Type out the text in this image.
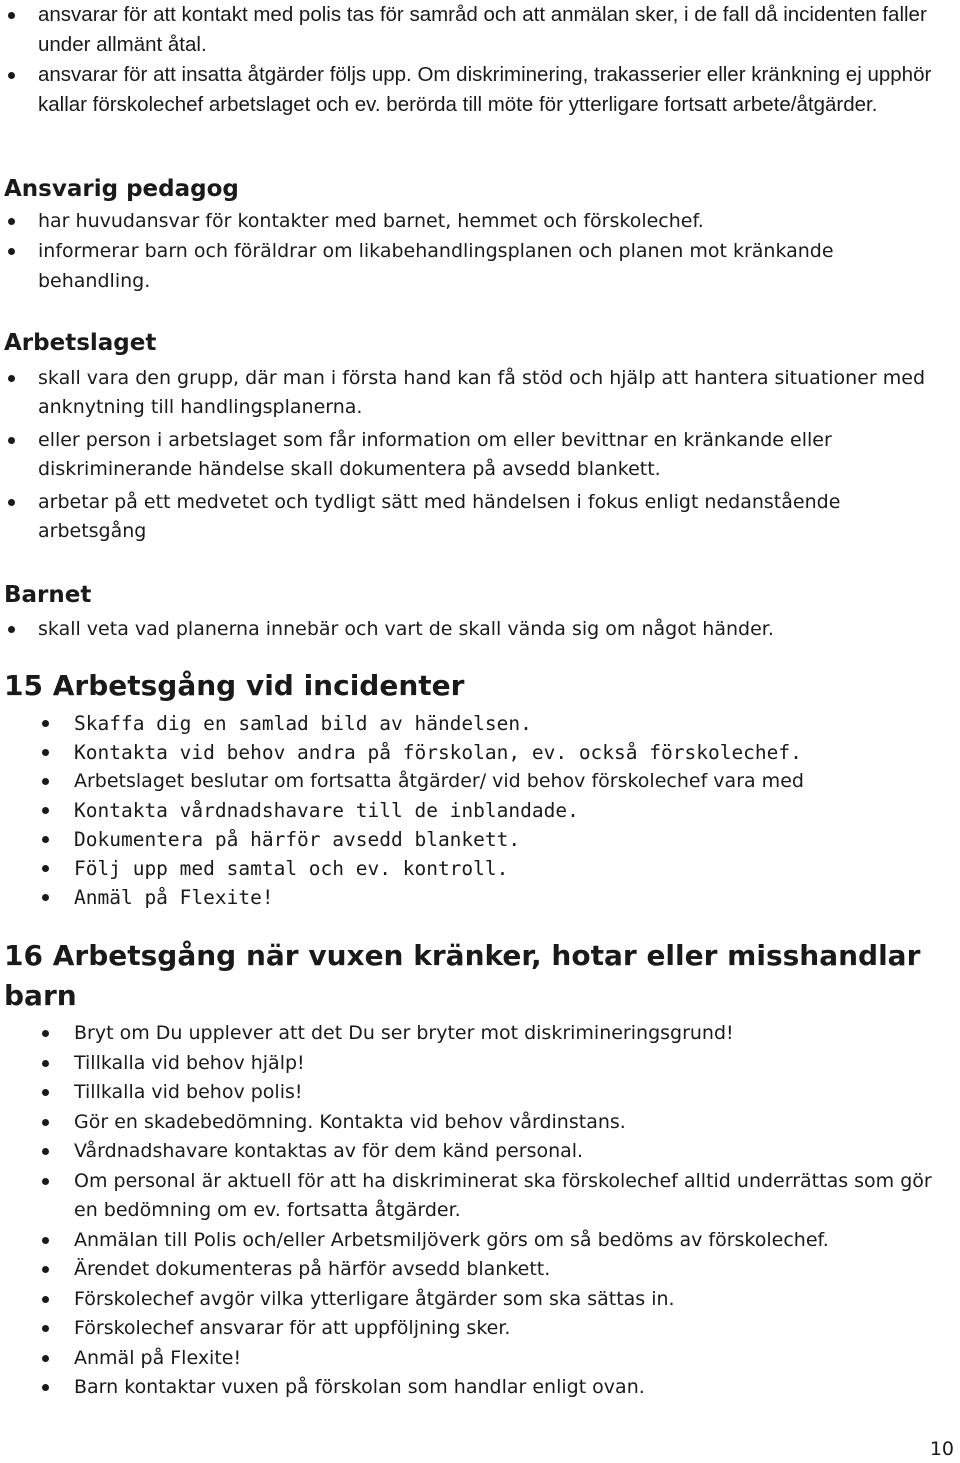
ansvarar för att kontakt med polis tas för samråd och att anmälan sker, i de fall då incidenten faller under allmänt åtal.
ansvarar för att insatta åtgärder följs upp. Om diskriminering, trakasserier eller kränkning ej upphör kallar förskolechef arbetslaget och ev. berörda till möte för ytterligare fortsatt arbete/åtgärder.
Ansvarig pedagog
har huvudansvar för kontakter med barnet, hemmet och förskolechef.
informerar barn och föräldrar om likabehandlingsplanen och planen mot kränkande behandling.
Arbetslaget
skall vara den grupp, där man i första hand kan få stöd och hjälp att hantera situationer med anknytning till handlingsplanerna.
eller person i arbetslaget som får information om eller bevittnar en kränkande eller diskriminerande händelse skall dokumentera på avsedd blankett.
arbetar på ett medvetet och tydligt sätt med händelsen i fokus enligt nedanstående arbetsgång
Barnet
skall veta vad planerna innebär och vart de skall vända sig om något händer.
15 Arbetsgång vid incidenter
Skaffa dig en samlad bild av händelsen.
Kontakta vid behov andra på förskolan, ev. också förskolechef.
Arbetslaget beslutar om fortsatta åtgärder/ vid behov förskolechef vara med
Kontakta vårdnadshavare till de inblandade.
Dokumentera på härför avsedd blankett.
Följ upp med samtal och ev. kontroll.
Anmäl på Flexite!
16 Arbetsgång när vuxen kränker, hotar eller misshandlar barn
Bryt om Du upplever att det Du ser bryter mot diskrimineringsgrund!
Tillkalla vid behov hjälp!
Tillkalla vid behov polis!
Gör en skadebedömning. Kontakta vid behov vårdinstans.
Vårdnadshavare kontaktas av för dem känd personal.
Om personal är aktuell för att ha diskriminerat ska förskolechef alltid underrättas som gör en bedömning om ev. fortsatta åtgärder.
Anmälan till Polis och/eller Arbetsmiljöverk görs om så bedöms av förskolechef.
Ärendet dokumenteras på härför avsedd blankett.
Förskolechef avgör vilka ytterligare åtgärder som ska sättas in.
Förskolechef ansvarar för att uppföljning sker.
Anmäl på Flexite!
Barn kontaktar vuxen på förskolan som handlar enligt ovan.
10
